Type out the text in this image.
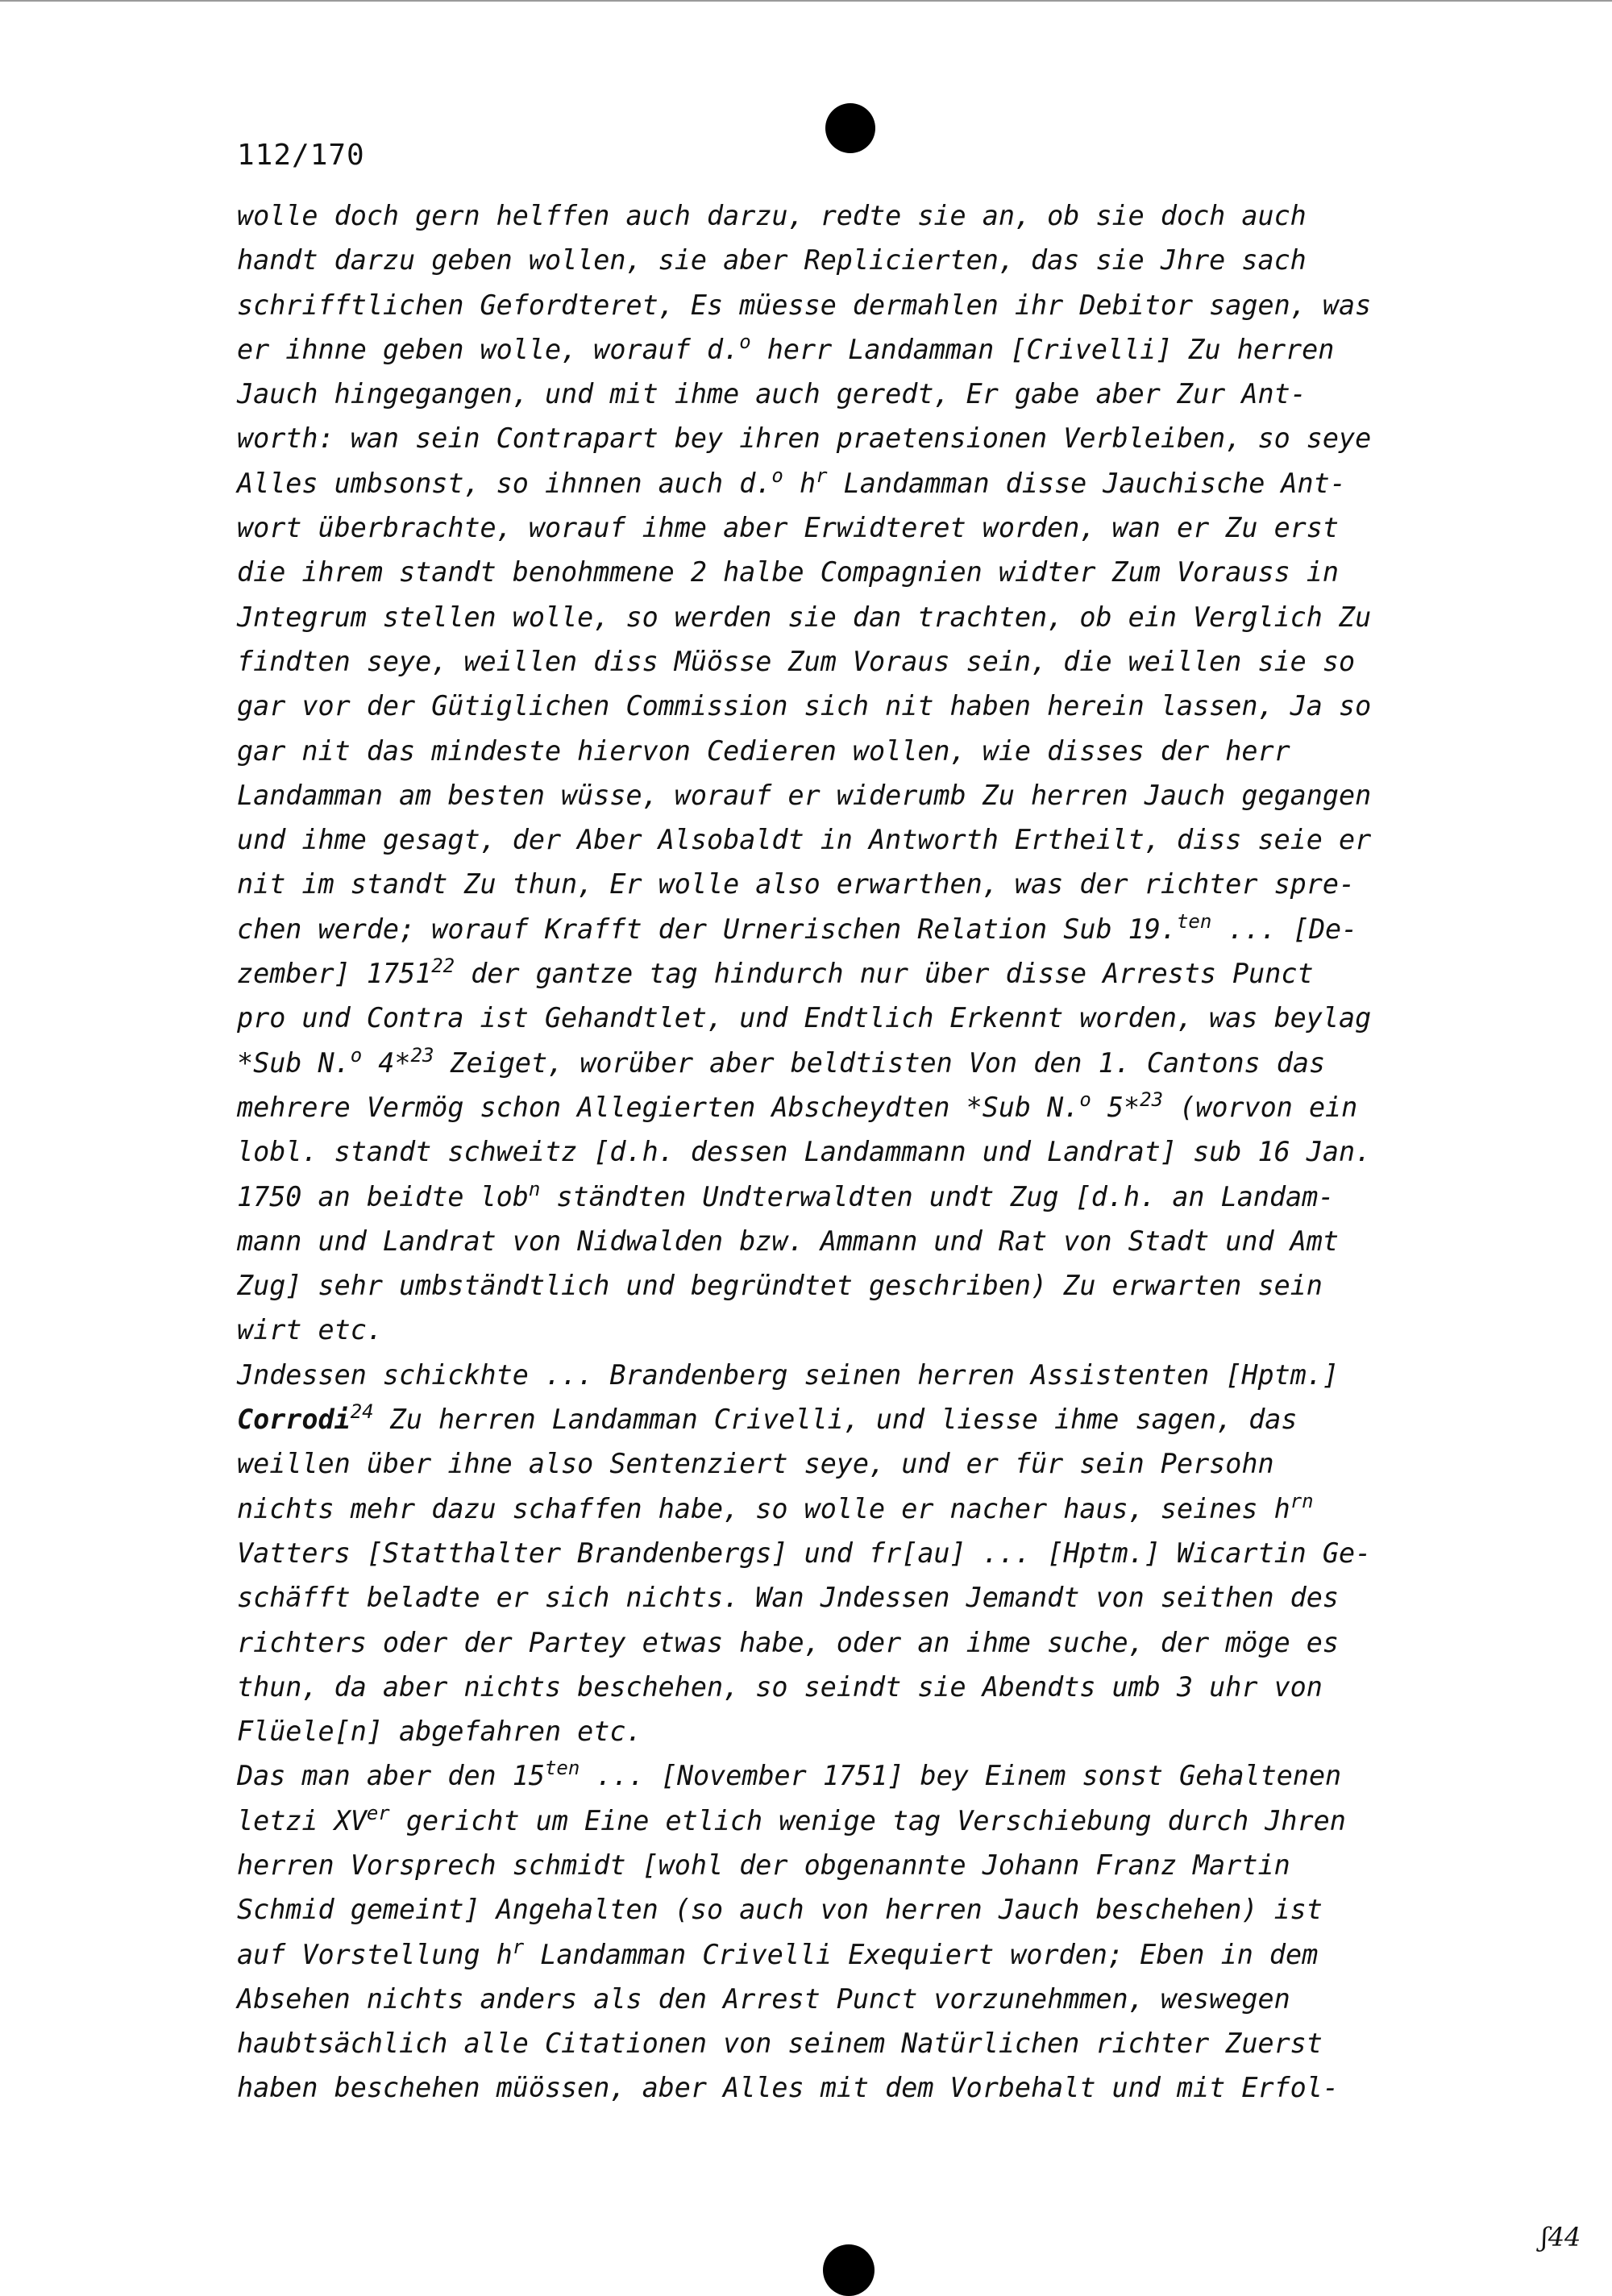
112/170
wolle doch gern helffen auch darzu, redte sie an, ob sie doch auch
handt darzu geben wollen, sie aber Replicierten, das sie Jhre sach
schrifftlichen Gefordteret, Es müesse dermahlen ihr Debitor sagen, was
er ihnne geben wolle, worauf d.$^o$ herr Landamman [Crivelli] Zu herren
Jauch hingegangen, und mit ihme auch geredt, Er gabe aber Zur Ant-
worth: wan sein Contrapart bey ihren praetensionen Verbleiben, so seye
Alles umbsonst, so ihnnen auch d.$^o$ $h^r$ Landamman disse Jauchische Ant-
wort überbrachte, worauf ihme aber Erwidteret worden, wan er Zu erst
die ihrem standt benohmmene 2 halbe Compagnien widter Zum Vorauss in
Jntegrum stellen wolle, so werden sie dan trachten, ob ein Verglich Zu
findten seye, weillen diss Müösse Zum Voraus sein, die weillen sie so
gar vor der Gütiglichen Commission sich nit haben herein lassen, Ja so
gar nit das mindeste hiervon Cedieren wollen, wie disses der herr
Landamman am besten wüsse, worauf er widerumb Zu herren Jauch gegangen
und ihme gesagt, der Aber Alsobaldt in Antworth Ertheilt, diss seie er
nit im standt Zu thun, Er wolle also erwarthen, was der richter spre-
chen werde; worauf Krafft der Urnerischen Relation Sub 19.$^{ten}$ ... [De-
zember] 1751$^{22}$ der gantze tag hindurch nur über disse Arrests Punct
pro und Contra ist Gehandtlet, und Endtlich Erkennt worden, was beylag
*Sub N.$^o$ 4*$^{23}$ Zeiget, worüber aber beldtisten Von den 1. Cantons das
mehrere Vermög schon Allegierten Abscheydten *Sub N.$^o$ 5*$^{23}$ (worvon ein
lobl. standt schweitz [d.h. dessen Landammann und Landrat] sub 16 Jan.
1750 an beidte lob$^n$ ständten Undterwaldten undt Zug [d.h. an Landam-
mann und Landrat von Nidwalden bzw. Ammann und Rat von Stadt und Amt
Zug] sehr umbständtlich und begründtet geschriben) Zu erwarten sein
wirt etc.
Jndessen schickhte ... Brandenberg seinen herren Assistenten [Hptm.]
Corrodi$^{24}$ Zu herren Landamman Crivelli, und liesse ihme sagen, das
weillen über ihne also Sentenziert seye, und er für sein Persohn
nichts mehr dazu schaffen habe, so wolle er nacher haus, seines $h^{rn}$
Vatters [Statthalter Brandenbergs] und fr[au] ... [Hptm.] Wicartin Ge-
schäfft beladte er sich nichts. Wan Jndessen Jemandt von seithen des
richters oder der Partey etwas habe, oder an ihme suche, der möge es
thun, da aber nichts beschehen, so seindt sie Abendts umb 3 uhr von
Flüele[n] abgefahren etc.
Das man aber den $15^{ten}$ ... [November 1751] bey Einem sonst Gehaltenen
letzi XVer gericht um Eine etlich wenige tag Verschiebung durch Jhren
herren Vorsprech schmidt [wohl der obgenannte Johann Franz Martin
Schmid gemeint] Angehalten (so auch von herren Jauch beschehen) ist
auf Vorstellung $h^r$ Landamman Crivelli Exequiert worden; Eben in dem
Absehen nichts anders als den Arrest Punct vorzunehmmen, weswegen
haubtsächlich alle Citationen von seinem Natürlichen richter Zuerst
haben beschehen müössen, aber Alles mit dem Vorbehalt und mit Erfol-
ʃ44
